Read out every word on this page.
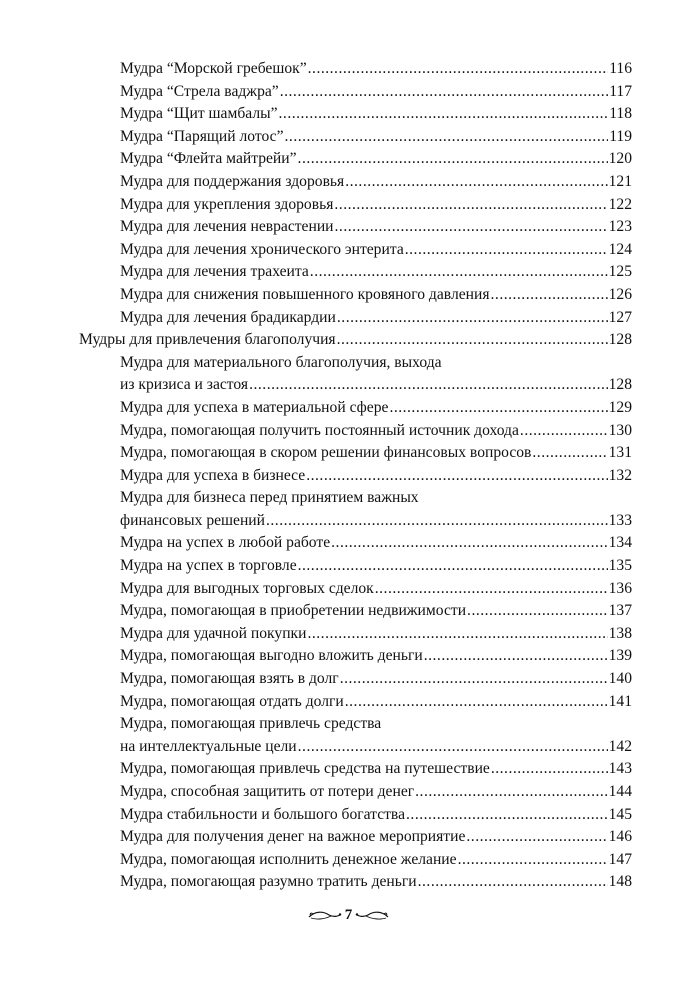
Мудра “Морской гребешок” .....	116
Мудра “Стрела ваджра” .....	117
Мудра “Щит шамбалы” .....	118
Мудра “Парящий лотос” .....	119
Мудра “Флейта майтрейи” .....	120
Мудра для поддержания здоровья .....	121
Мудра для укрепления здоровья .....	122
Мудра для лечения неврастении .....	123
Мудра для лечения хронического энтерита .....	124
Мудра для лечения трахеита .....	125
Мудра для снижения повышенного кровяного давления .....	126
Мудра для лечения брадикардии .....	127
Мудры для привлечения благополучия .....	128
Мудра для материального благополучия, выхода
из кризиса и застоя .....	128
Мудра для успеха в материальной сфере .....	129
Мудра, помогающая получить постоянный источник дохода .....	130
Мудра, помогающая в скором решении финансовых вопросов .....	131
Мудра для успеха в бизнесе .....	132
Мудра для бизнеса перед принятием важных
финансовых решений .....	133
Мудра на успех в любой работе .....	134
Мудра на успех в торговле .....	135
Мудра для выгодных торговых сделок .....	136
Мудра, помогающая в приобретении недвижимости .....	137
Мудра для удачной покупки .....	138
Мудра, помогающая выгодно вложить деньги .....	139
Мудра, помогающая взять в долг .....	140
Мудра, помогающая отдать долги .....	141
Мудра, помогающая привлечь средства
на интеллектуальные цели .....	142
Мудра, помогающая привлечь средства на путешествие .....	143
Мудра, способная защитить от потери денег .....	144
Мудра стабильности и большого богатства .....	145
Мудра для получения денег на важное мероприятие .....	146
Мудра, помогающая исполнить денежное желание .....	147
Мудра, помогающая разумно тратить деньги .....	148
7
